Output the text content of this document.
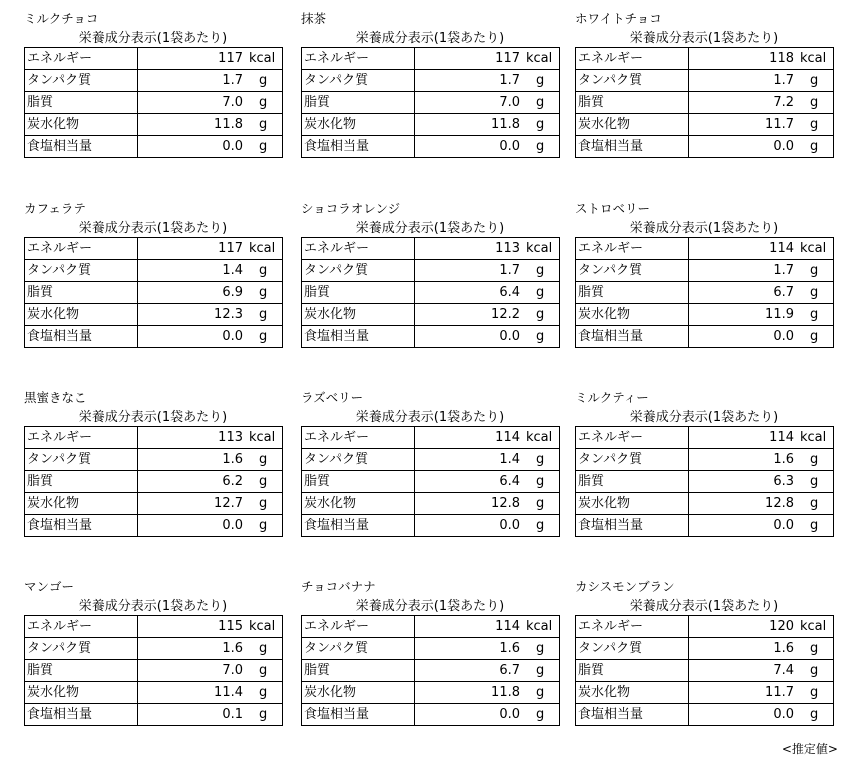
ミルクチョコ
栄養成分表示(1袋あたり)
エネルギー	117 kcal

タンパク質	1.7 g

脂質	7.0 g

炭水化物	11.8 g

食塩相当量	0.0 g
抹茶
栄養成分表示(1袋あたり)
エネルギー	117 kcal

タンパク質	1.7 g

脂質	7.0 g

炭水化物	11.8 g

食塩相当量	0.0 g
ホワイトチョコ
栄養成分表示(1袋あたり)
エネルギー	118 kcal

タンパク質	1.7 g

脂質	7.2 g

炭水化物	11.7 g

食塩相当量	0.0 g
カフェラテ
栄養成分表示(1袋あたり)
エネルギー	117 kcal

タンパク質	1.4 g

脂質	6.9 g

炭水化物	12.3 g

食塩相当量	0.0 g
ショコラオレンジ
栄養成分表示(1袋あたり)
エネルギー	113 kcal

タンパク質	1.7 g

脂質	6.4 g

炭水化物	12.2 g

食塩相当量	0.0 g
ストロベリー
栄養成分表示(1袋あたり)
エネルギー	114 kcal

タンパク質	1.7 g

脂質	6.7 g

炭水化物	11.9 g

食塩相当量	0.0 g
黒蜜きなこ
栄養成分表示(1袋あたり)
エネルギー	113 kcal

タンパク質	1.6 g

脂質	6.2 g

炭水化物	12.7 g

食塩相当量	0.0 g
ラズベリー
栄養成分表示(1袋あたり)
エネルギー	114 kcal

タンパク質	1.4 g

脂質	6.4 g

炭水化物	12.8 g

食塩相当量	0.0 g
ミルクティー
栄養成分表示(1袋あたり)
エネルギー	114 kcal

タンパク質	1.6 g

脂質	6.3 g

炭水化物	12.8 g

食塩相当量	0.0 g
マンゴー
栄養成分表示(1袋あたり)
エネルギー	115 kcal

タンパク質	1.6 g

脂質	7.0 g

炭水化物	11.4 g

食塩相当量	0.1 g
チョコバナナ
栄養成分表示(1袋あたり)
エネルギー	114 kcal

タンパク質	1.6 g

脂質	6.7 g

炭水化物	11.8 g

食塩相当量	0.0 g
カシスモンブラン
栄養成分表示(1袋あたり)
エネルギー	120 kcal

タンパク質	1.6 g

脂質	7.4 g

炭水化物	11.7 g

食塩相当量	0.0 g
<推定値>
